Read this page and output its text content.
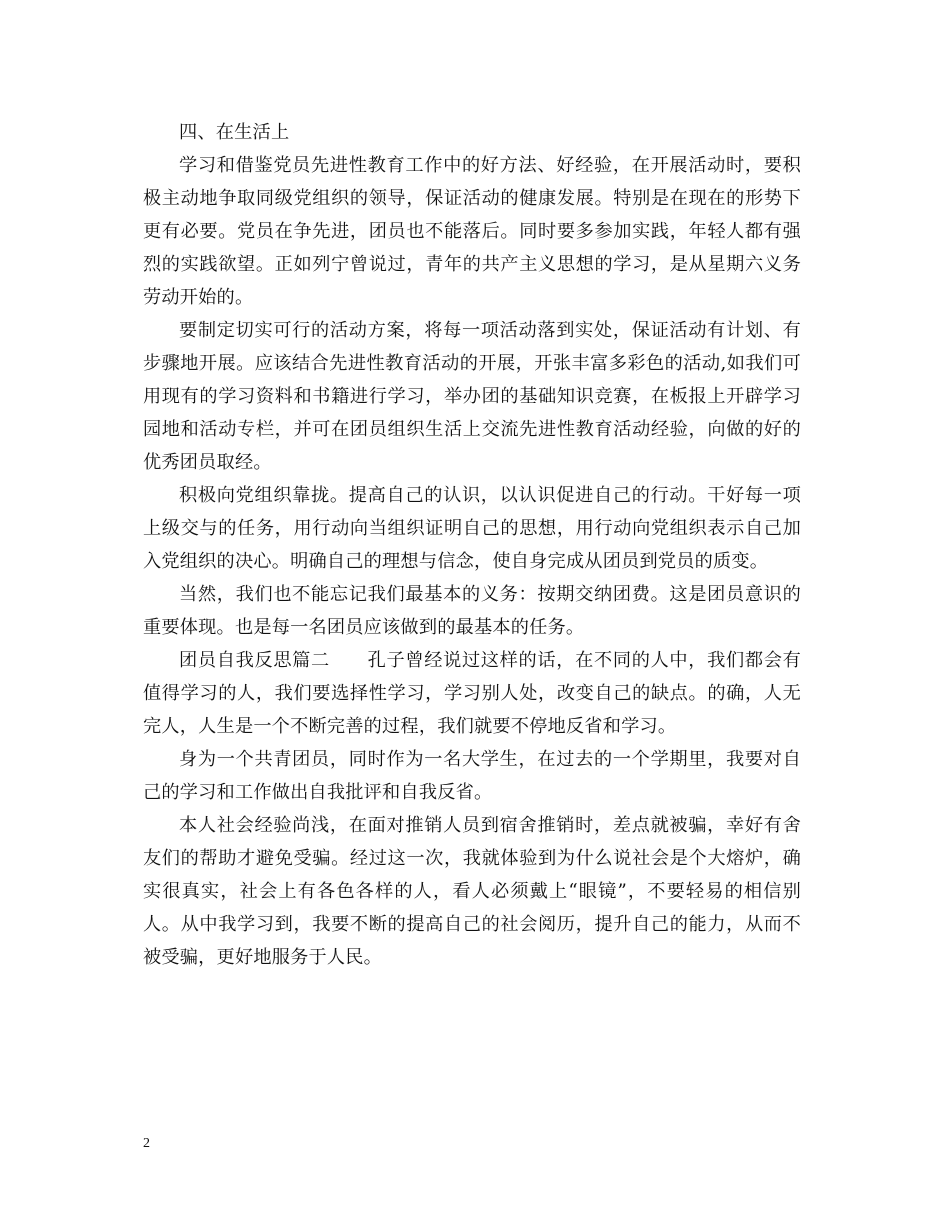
四、在生活上

学习和借鉴党员先进性教育工作中的好方法、好经验，在开展活动时，要积极主动地争取同级党组织的领导，保证活动的健康发展。特别是在现在的形势下更有必要。党员在争先进，团员也不能落后。同时要多参加实践，年轻人都有强烈的实践欲望。正如列宁曾说过，青年的共产主义思想的学习，是从星期六义务劳动开始的。

要制定切实可行的活动方案，将每一项活动落到实处，保证活动有计划、有步骤地开展。应该结合先进性教育活动的开展，开张丰富多彩色的活动,如我们可用现有的学习资料和书籍进行学习，举办团的基础知识竞赛，在板报上开辟学习园地和活动专栏，并可在团员组织生活上交流先进性教育活动经验，向做的好的优秀团员取经。

积极向党组织靠拢。提高自己的认识，以认识促进自己的行动。干好每一项上级交与的任务，用行动向当组织证明自己的思想，用行动向党组织表示自己加入党组织的决心。明确自己的理想与信念，使自身完成从团员到党员的质变。

当然，我们也不能忘记我们最基本的义务：按期交纳团费。这是团员意识的重要体现。也是每一名团员应该做到的最基本的任务。

团员自我反思篇二　　孔子曾经说过这样的话，在不同的人中，我们都会有值得学习的人，我们要选择性学习，学习别人处，改变自己的缺点。的确，人无完人，人生是一个不断完善的过程，我们就要不停地反省和学习。

身为一个共青团员，同时作为一名大学生，在过去的一个学期里，我要对自己的学习和工作做出自我批评和自我反省。

本人社会经验尚浅，在面对推销人员到宿舍推销时，差点就被骗，幸好有舍友们的帮助才避免受骗。经过这一次，我就体验到为什么说社会是个大熔炉，确实很真实，社会上有各色各样的人，看人必须戴上“眼镜”，不要轻易的相信别人。从中我学习到，我要不断的提高自己的社会阅历，提升自己的能力，从而不被受骗，更好地服务于人民。

2
